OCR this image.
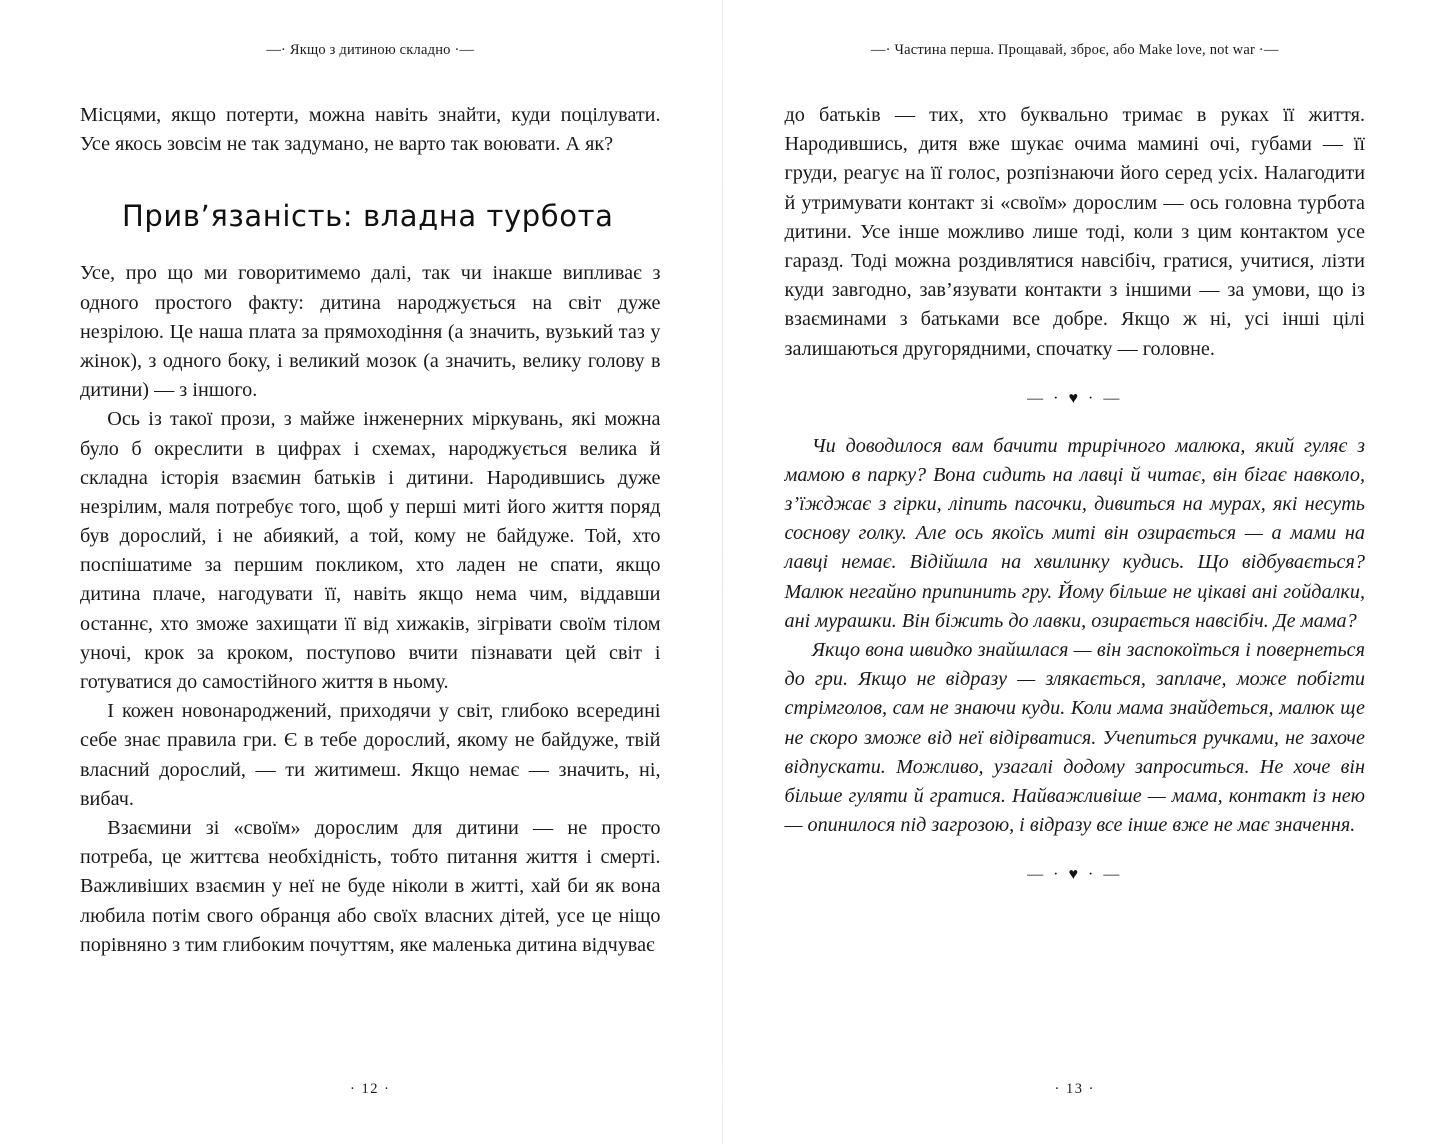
—· Якщо з дитиною складно ·—

Місцями, якщо потерти, можна навіть знайти, куди поцілувати. Усе якось зовсім не так задумано, не варто так воювати. А як?

Прив’язаність: владна турбота

Усе, про що ми говоритимемо далі, так чи інакше випливає з одного простого факту: дитина народжується на світ дуже незрілою. Це наша плата за прямоходіння (а значить, вузький таз у жінок), з одного боку, і великий мозок (а значить, велику голову в дитини) — з іншого.

Ось із такої прози, з майже інженерних міркувань, які можна було б окреслити в цифрах і схемах, народжується велика й складна історія взаємин батьків і дитини. Народившись дуже незрілим, маля потребує того, щоб у перші миті його життя поряд був дорослий, і не абиякий, а той, кому не байдуже. Той, хто поспішатиме за першим покликом, хто ладен не спати, якщо дитина плаче, нагодувати її, навіть якщо нема чим, віддавши останнє, хто зможе захищати її від хижаків, зігрівати своїм тілом уночі, крок за кроком, поступово вчити пізнавати цей світ і готуватися до самостійного життя в ньому.

І кожен новонароджений, приходячи у світ, глибоко всередині себе знає правила гри. Є в тебе дорослий, якому не байдуже, твій власний дорослий, — ти житимеш. Якщо немає — значить, ні, вибач.

Взаємини зі «своїм» дорослим для дитини — не просто потреба, це життєва необхідність, тобто питання життя і смерті. Важливіших взаємин у неї не буде ніколи в житті, хай би як вона любила потім свого обранця або своїх власних дітей, усе це ніщо порівняно з тим глибоким почуттям, яке маленька дитина відчуває

· 12 ·
—· Частина перша. Прощавай, зброє, або Make love, not war ·—

до батьків — тих, хто буквально тримає в руках її життя. Народившись, дитя вже шукає очима мамині очі, губами — її груди, реагує на її голос, розпізнаючи його серед усіх. Налагодити й утримувати контакт зі «своїм» дорослим — ось головна турбота дитини. Усе інше можливо лише тоді, коли з цим контактом усе гаразд. Тоді можна роздивлятися навсібіч, гратися, учитися, лізти куди завгодно, зав’язувати контакти з іншими — за умови, що із взаєминами з батьками все добре. Якщо ж ні, усі інші цілі залишаються другорядними, спочатку — головне.

— · ♥ · —

Чи доводилося вам бачити трирічного малюка, який гуляє з мамою в парку? Вона сидить на лавці й читає, він бігає навколо, з’їжджає з гірки, ліпить пасочки, дивиться на мурах, які несуть соснову голку. Але ось якоїсь миті він озирається — а мами на лавці немає. Відійшла на хвилинку кудись. Що відбувається? Малюк негайно припинить гру. Йому більше не цікаві ані гойдалки, ані мурашки. Він біжить до лавки, озирається навсібіч. Де мама?

Якщо вона швидко знайшлася — він заспокоїться і повернеться до гри. Якщо не відразу — злякається, заплаче, може побігти стрімголов, сам не знаючи куди. Коли мама знайдеться, малюк ще не скоро зможе від неї відірватися. Учепиться ручками, не захоче відпускати. Можливо, узагалі додому запроситься. Не хоче він більше гуляти й гратися. Найважливіше — мама, контакт із нею — опинилося під загрозою, і відразу все інше вже не має значення.

— · ♥ · —
· 13 ·
